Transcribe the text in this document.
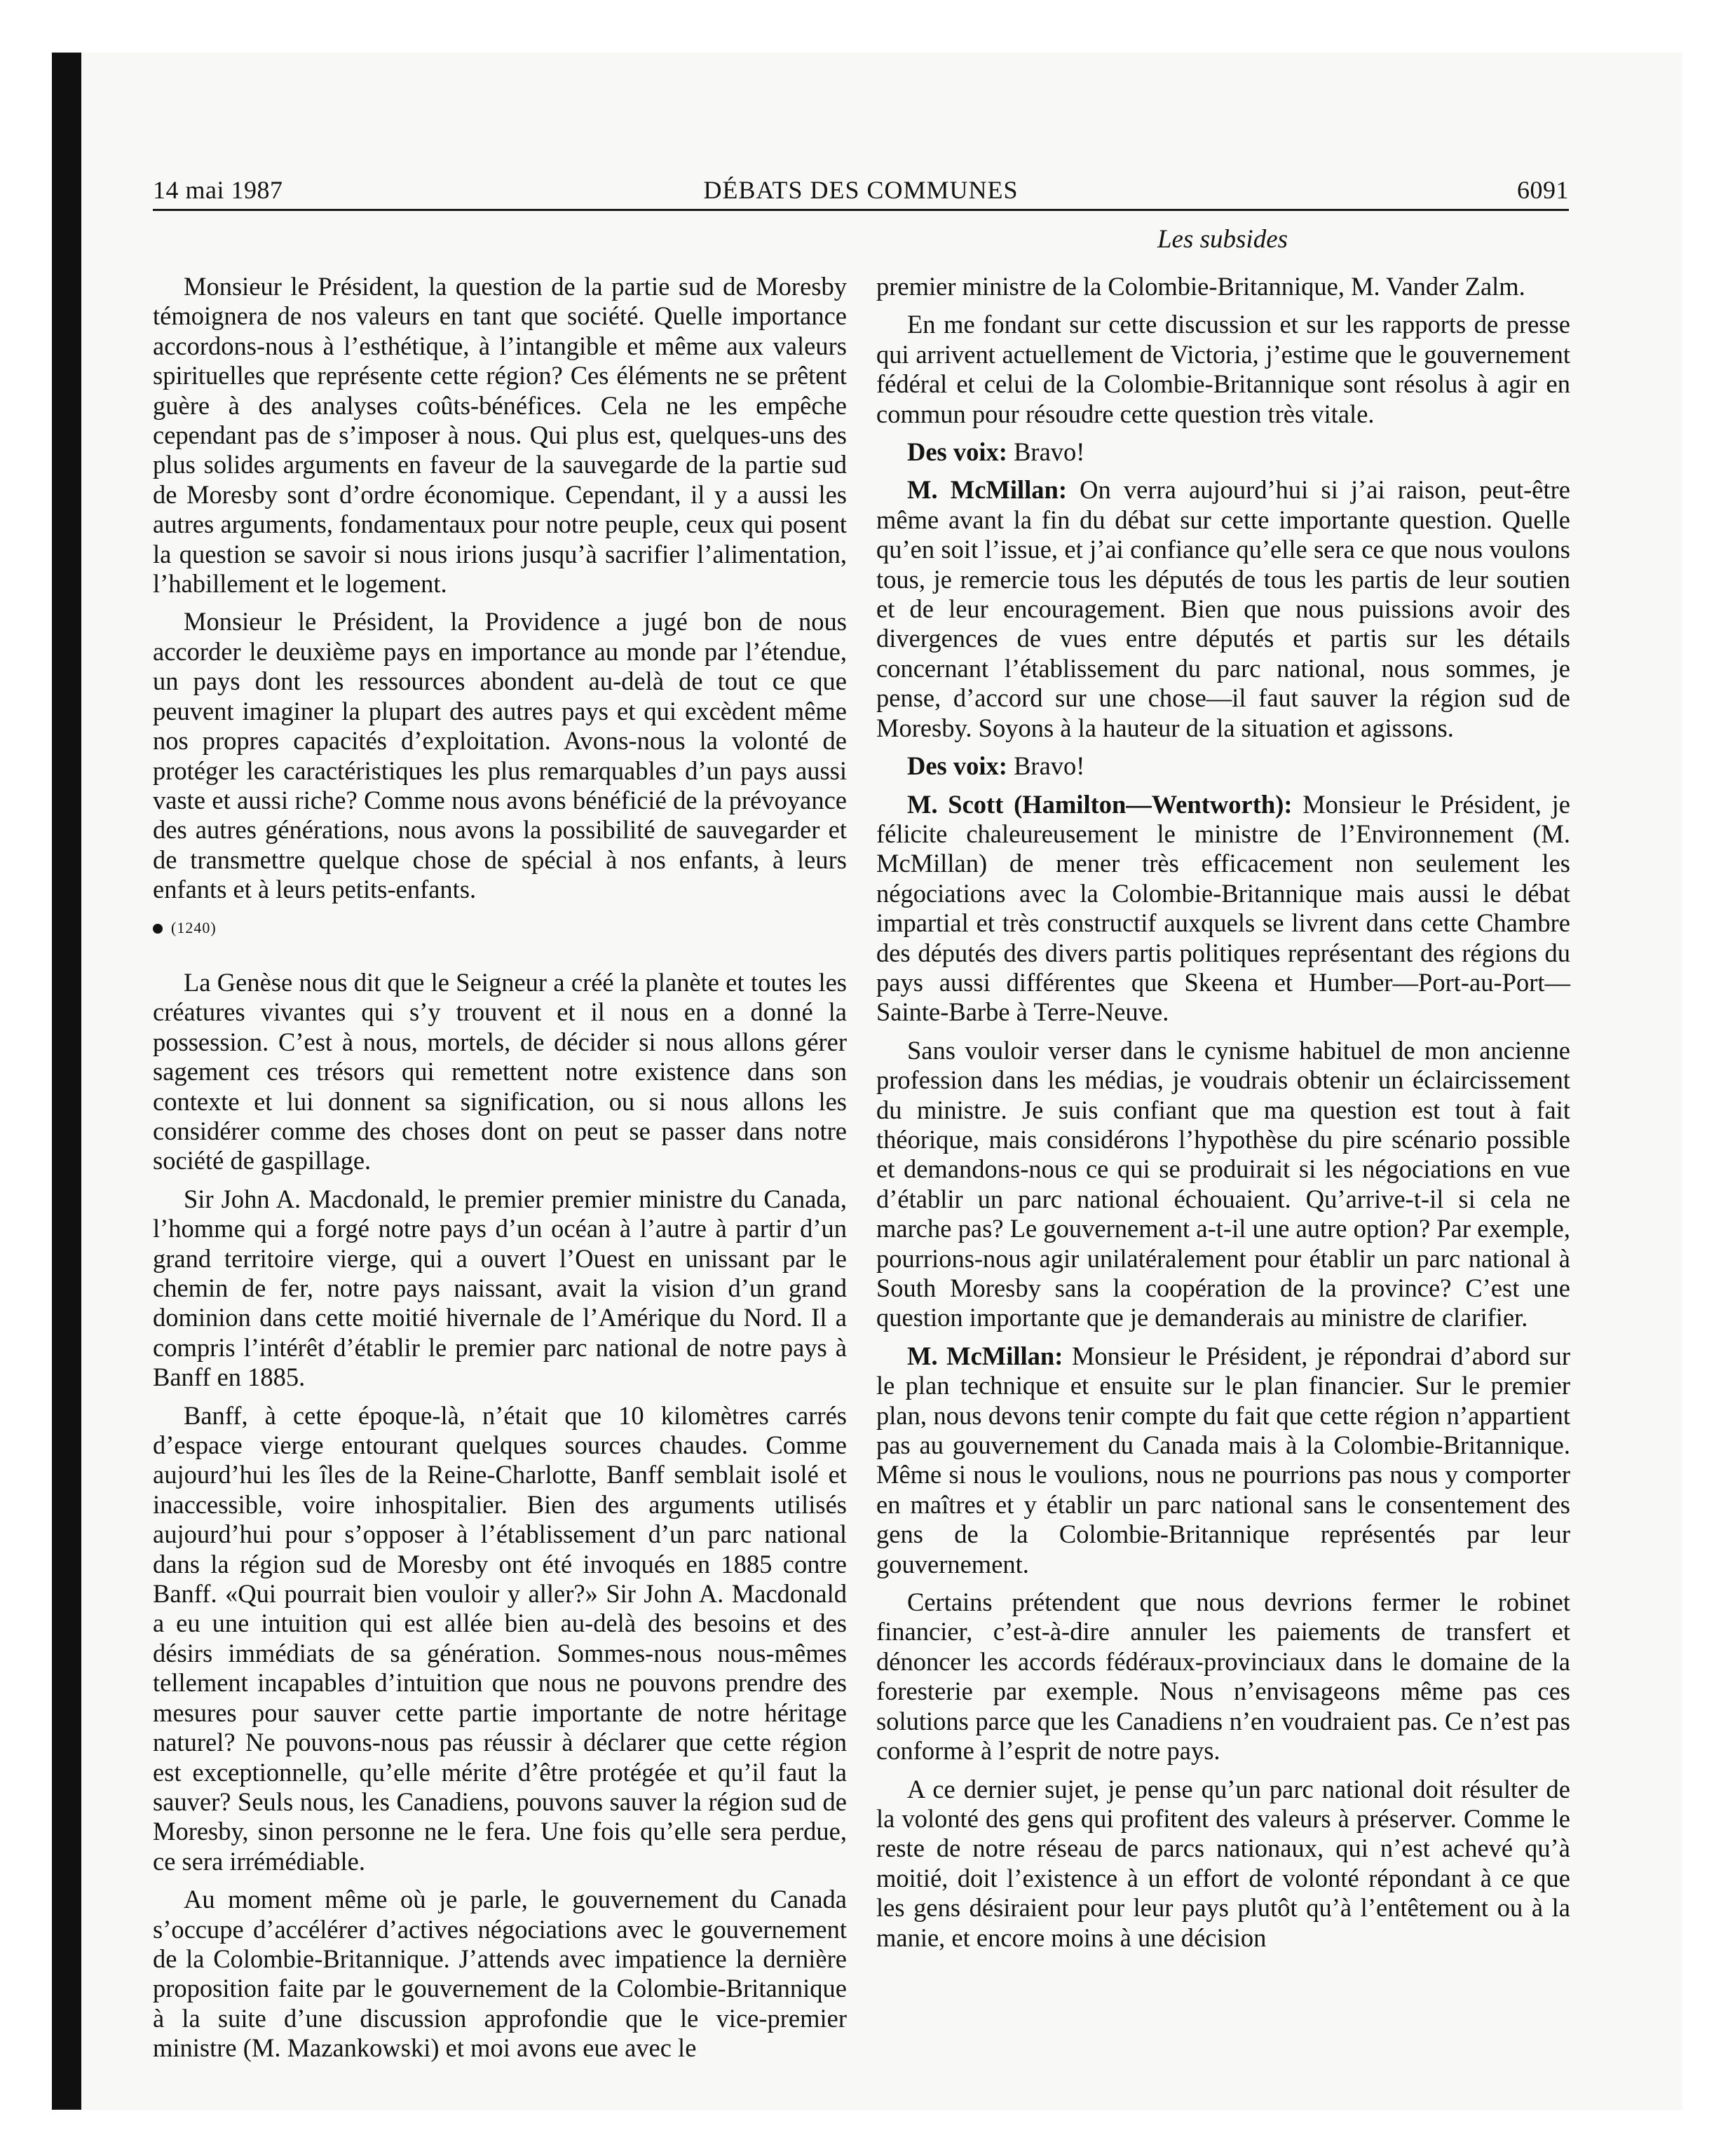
14 mai 1987	DÉBATS DES COMMUNES	6091
Les subsides

Monsieur le Président, la question de la partie sud de Moresby témoignera de nos valeurs en tant que société. Quelle importance accordons-nous à l’esthétique, à l’intangible et même aux valeurs spirituelles que représente cette région? Ces éléments ne se prêtent guère à des analyses coûts-bénéfices. Cela ne les empêche cependant pas de s’imposer à nous. Qui plus est, quelques-uns des plus solides arguments en faveur de la sauvegarde de la partie sud de Moresby sont d’ordre économique. Cependant, il y a aussi les autres arguments, fondamentaux pour notre peuple, ceux qui posent la question se savoir si nous irions jusqu’à sacrifier l’alimentation, l’habillement et le logement.

Monsieur le Président, la Providence a jugé bon de nous accorder le deuxième pays en importance au monde par l’étendue, un pays dont les ressources abondent au-delà de tout ce que peuvent imaginer la plupart des autres pays et qui excèdent même nos propres capacités d’exploitation. Avons-nous la volonté de protéger les caractéristiques les plus remarquables d’un pays aussi vaste et aussi riche? Comme nous avons bénéficié de la prévoyance des autres générations, nous avons la possibilité de sauvegarder et de transmettre quelque chose de spécial à nos enfants, à leurs enfants et à leurs petits-enfants.

(1240)

La Genèse nous dit que le Seigneur a créé la planète et toutes les créatures vivantes qui s’y trouvent et il nous en a donné la possession. C’est à nous, mortels, de décider si nous allons gérer sagement ces trésors qui remettent notre existence dans son contexte et lui donnent sa signification, ou si nous allons les considérer comme des choses dont on peut se passer dans notre société de gaspillage.

Sir John A. Macdonald, le premier premier ministre du Canada, l’homme qui a forgé notre pays d’un océan à l’autre à partir d’un grand territoire vierge, qui a ouvert l’Ouest en unissant par le chemin de fer, notre pays naissant, avait la vision d’un grand dominion dans cette moitié hivernale de l’Amérique du Nord. Il a compris l’intérêt d’établir le premier parc national de notre pays à Banff en 1885.

Banff, à cette époque-là, n’était que 10 kilomètres carrés d’espace vierge entourant quelques sources chaudes. Comme aujourd’hui les îles de la Reine-Charlotte, Banff semblait isolé et inaccessible, voire inhospitalier. Bien des arguments utilisés aujourd’hui pour s’opposer à l’établissement d’un parc national dans la région sud de Moresby ont été invoqués en 1885 contre Banff. «Qui pourrait bien vouloir y aller?» Sir John A. Macdonald a eu une intuition qui est allée bien au-delà des besoins et des désirs immédiats de sa génération. Sommes-nous nous-mêmes tellement incapables d’intuition que nous ne pouvons prendre des mesures pour sauver cette partie importante de notre héritage naturel? Ne pouvons-nous pas réussir à déclarer que cette région est exceptionnelle, qu’elle mérite d’être protégée et qu’il faut la sauver? Seuls nous, les Canadiens, pouvons sauver la région sud de Moresby, sinon personne ne le fera. Une fois qu’elle sera perdue, ce sera irrémédiable.

Au moment même où je parle, le gouvernement du Canada s’occupe d’accélérer d’actives négociations avec le gouvernement de la Colombie-Britannique. J’attends avec impatience la dernière proposition faite par le gouvernement de la Colombie-Britannique à la suite d’une discussion approfondie que le vice-premier ministre (M. Mazankowski) et moi avons eue avec le

premier ministre de la Colombie-Britannique, M. Vander Zalm.

En me fondant sur cette discussion et sur les rapports de presse qui arrivent actuellement de Victoria, j’estime que le gouvernement fédéral et celui de la Colombie-Britannique sont résolus à agir en commun pour résoudre cette question très vitale.

Des voix: Bravo!

M. McMillan: On verra aujourd’hui si j’ai raison, peut-être même avant la fin du débat sur cette importante question. Quelle qu’en soit l’issue, et j’ai confiance qu’elle sera ce que nous voulons tous, je remercie tous les députés de tous les partis de leur soutien et de leur encouragement. Bien que nous puissions avoir des divergences de vues entre députés et partis sur les détails concernant l’établissement du parc national, nous sommes, je pense, d’accord sur une chose—il faut sauver la région sud de Moresby. Soyons à la hauteur de la situation et agissons.

Des voix: Bravo!

M. Scott (Hamilton—Wentworth): Monsieur le Président, je félicite chaleureusement le ministre de l’Environnement (M. McMillan) de mener très efficacement non seulement les négociations avec la Colombie-Britannique mais aussi le débat impartial et très constructif auxquels se livrent dans cette Chambre des députés des divers partis politiques représentant des régions du pays aussi différentes que Skeena et Humber—Port-au-Port—Sainte-Barbe à Terre-Neuve.

Sans vouloir verser dans le cynisme habituel de mon ancienne profession dans les médias, je voudrais obtenir un éclaircissement du ministre. Je suis confiant que ma question est tout à fait théorique, mais considérons l’hypothèse du pire scénario possible et demandons-nous ce qui se produirait si les négociations en vue d’établir un parc national échouaient. Qu’arrive-t-il si cela ne marche pas? Le gouvernement a-t-il une autre option? Par exemple, pourrions-nous agir unilatéralement pour établir un parc national à South Moresby sans la coopération de la province? C’est une question importante que je demanderais au ministre de clarifier.

M. McMillan: Monsieur le Président, je répondrai d’abord sur le plan technique et ensuite sur le plan financier. Sur le premier plan, nous devons tenir compte du fait que cette région n’appartient pas au gouvernement du Canada mais à la Colombie-Britannique. Même si nous le voulions, nous ne pourrions pas nous y comporter en maîtres et y établir un parc national sans le consentement des gens de la Colombie-Britannique représentés par leur gouvernement.

Certains prétendent que nous devrions fermer le robinet financier, c’est-à-dire annuler les paiements de transfert et dénoncer les accords fédéraux-provinciaux dans le domaine de la foresterie par exemple. Nous n’envisageons même pas ces solutions parce que les Canadiens n’en voudraient pas. Ce n’est pas conforme à l’esprit de notre pays.

A ce dernier sujet, je pense qu’un parc national doit résulter de la volonté des gens qui profitent des valeurs à préserver. Comme le reste de notre réseau de parcs nationaux, qui n’est achevé qu’à moitié, doit l’existence à un effort de volonté répondant à ce que les gens désiraient pour leur pays plutôt qu’à l’entêtement ou à la manie, et encore moins à une décision
